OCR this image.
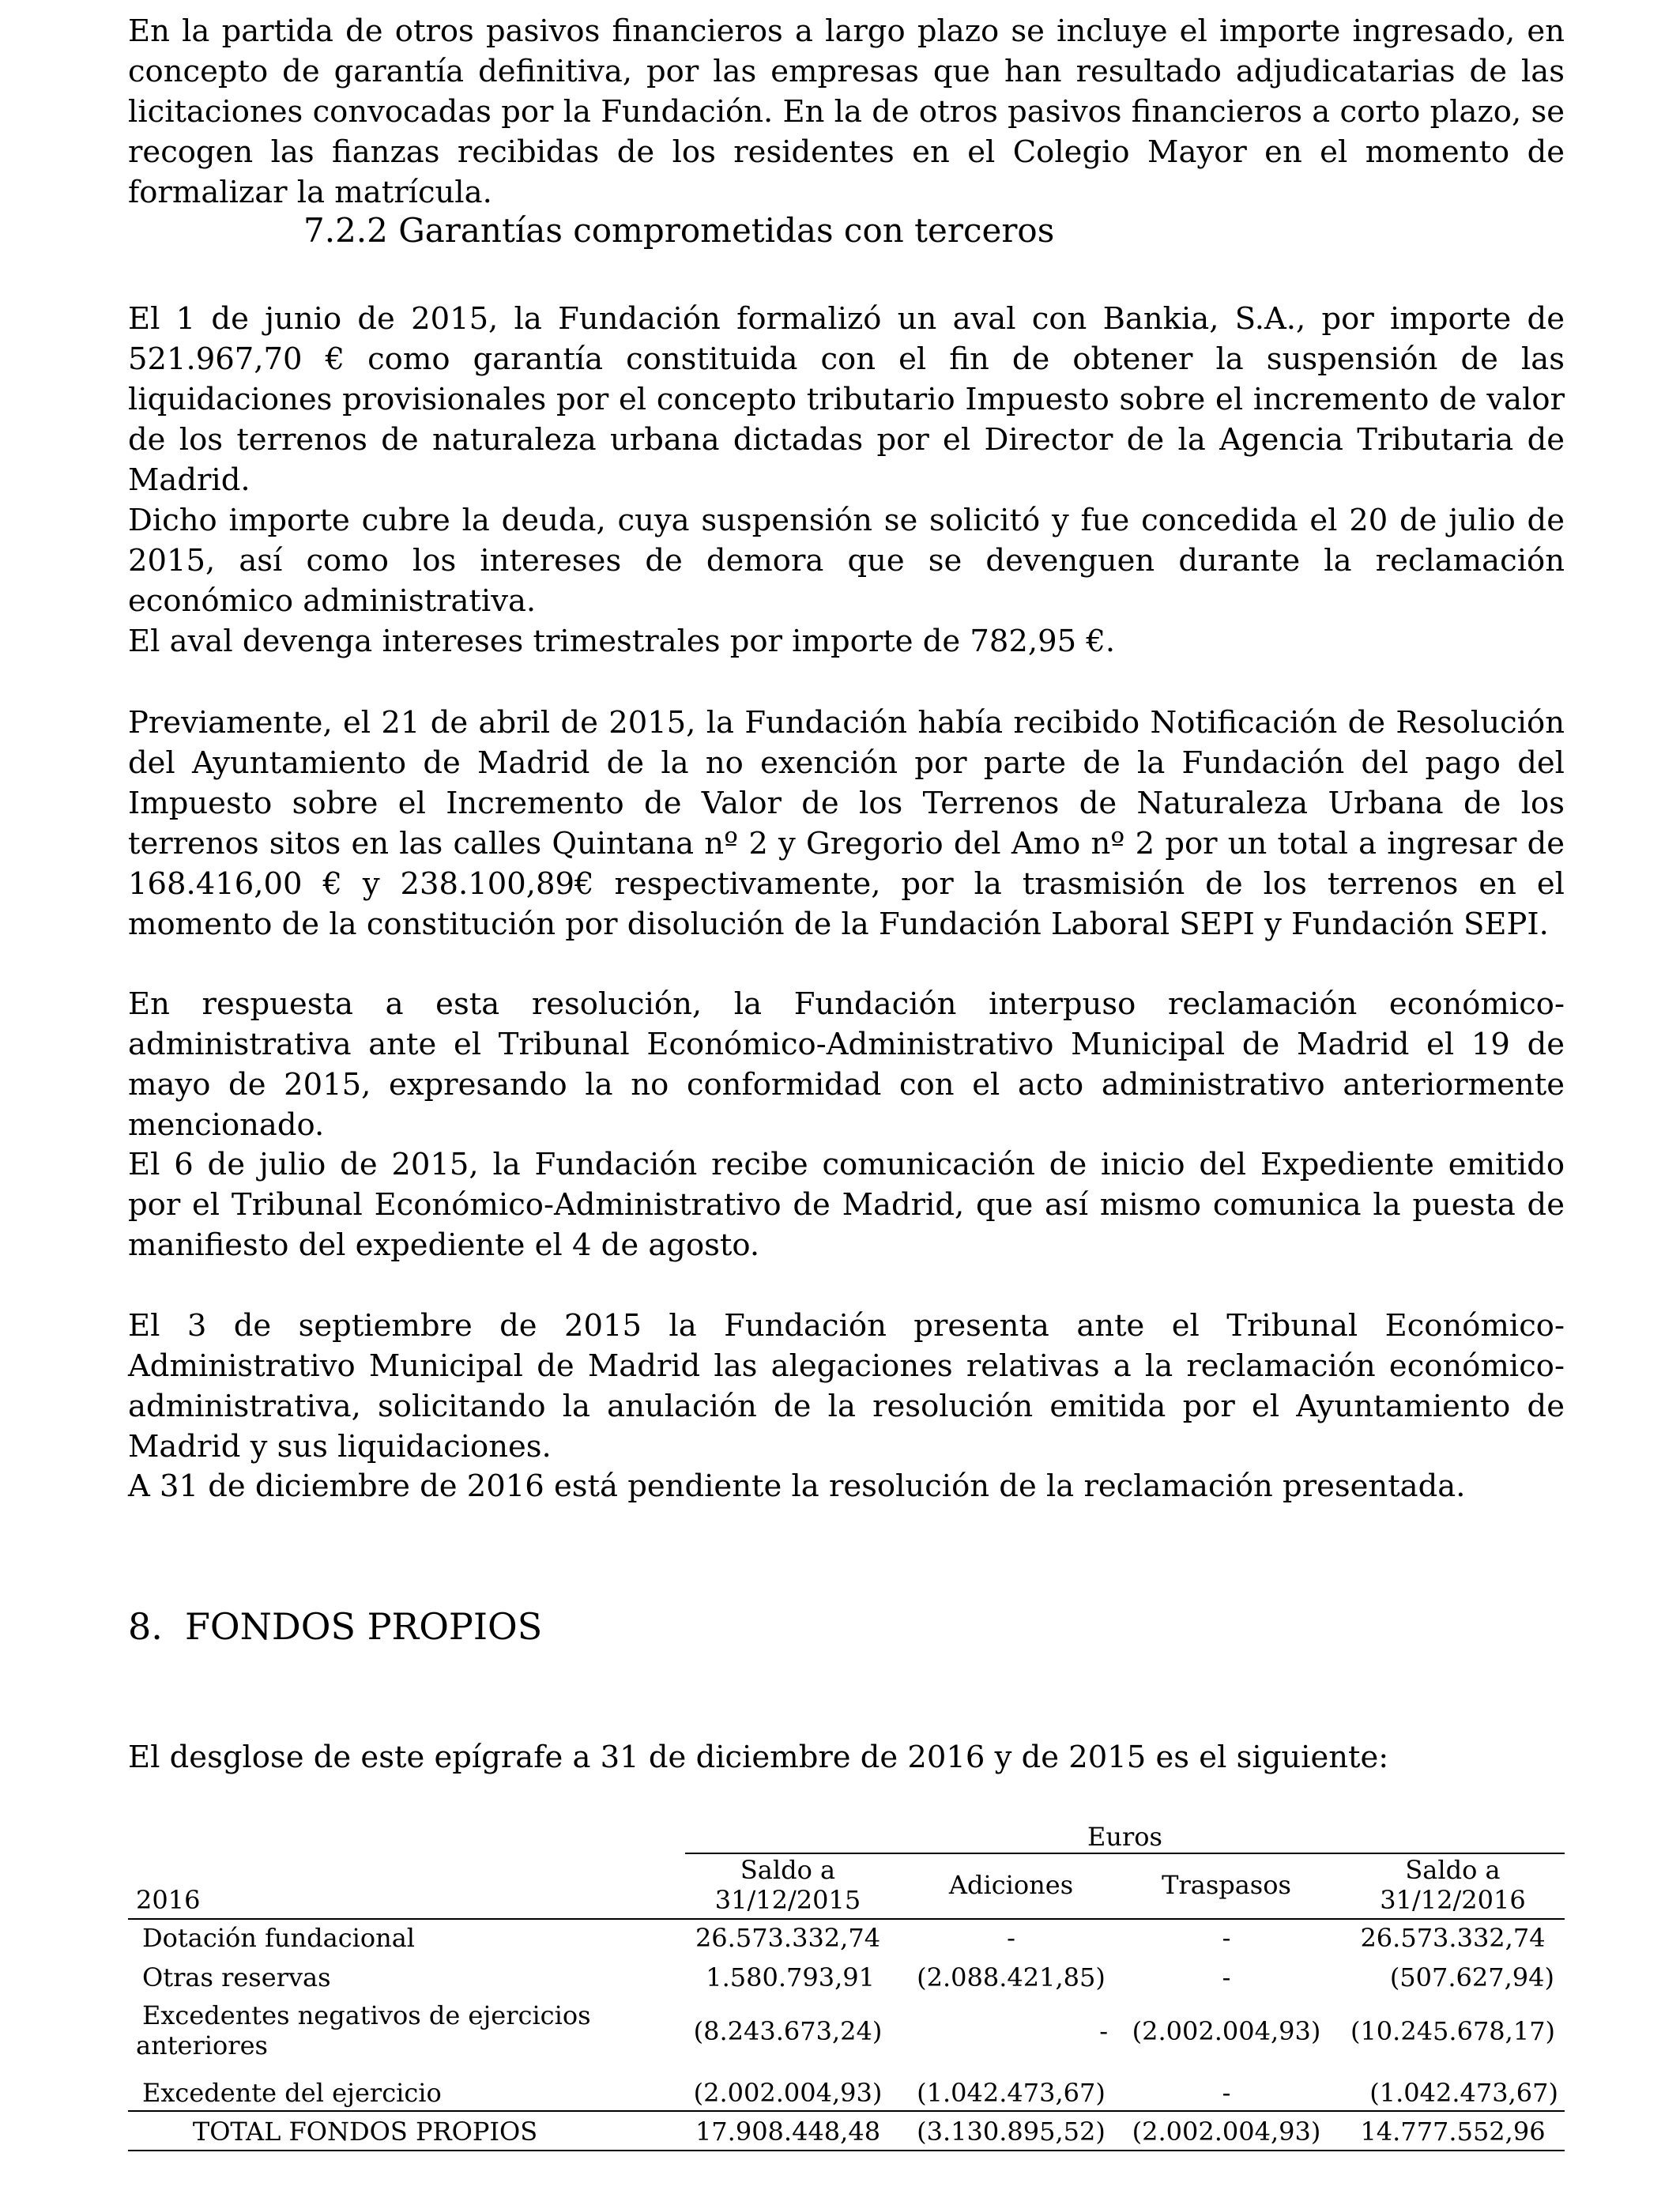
En la partida de otros pasivos financieros a largo plazo se incluye el importe ingresado, en concepto de garantía definitiva, por las empresas que han resultado adjudicatarias de las licitaciones convocadas por la Fundación. En la de otros pasivos financieros a corto plazo, se recogen las fianzas recibidas de los residentes en el Colegio Mayor en el momento de formalizar la matrícula.

7.2.2 Garantías comprometidas con terceros

El 1 de junio de 2015, la Fundación formalizó un aval con Bankia, S.A., por importe de 521.967,70 € como garantía constituida con el fin de obtener la suspensión de las liquidaciones provisionales por el concepto tributario Impuesto sobre el incremento de valor de los terrenos de naturaleza urbana dictadas por el Director de la Agencia Tributaria de Madrid.

Dicho importe cubre la deuda, cuya suspensión se solicitó y fue concedida el 20 de julio de 2015, así como los intereses de demora que se devenguen durante la reclamación económico administrativa.

El aval devenga intereses trimestrales por importe de 782,95 €.

Previamente, el 21 de abril de 2015, la Fundación había recibido Notificación de Resolución del Ayuntamiento de Madrid de la no exención por parte de la Fundación del pago del Impuesto sobre el Incremento de Valor de los Terrenos de Naturaleza Urbana de los terrenos sitos en las calles Quintana nº 2 y Gregorio del Amo nº 2 por un total a ingresar de 168.416,00 € y 238.100,89€ respectivamente, por la trasmisión de los terrenos en el momento de la constitución por disolución de la Fundación Laboral SEPI y Fundación SEPI.

En respuesta a esta resolución, la Fundación interpuso reclamación económico-administrativa ante el Tribunal Económico-Administrativo Municipal de Madrid el 19 de mayo de 2015, expresando la no conformidad con el acto administrativo anteriormente mencionado.

El 6 de julio de 2015, la Fundación recibe comunicación de inicio del Expediente emitido por el Tribunal Económico-Administrativo de Madrid, que así mismo comunica la puesta de manifiesto del expediente el 4 de agosto.

El 3 de septiembre de 2015 la Fundación presenta ante el Tribunal Económico-Administrativo Municipal de Madrid las alegaciones relativas a la reclamación económico-administrativa, solicitando la anulación de la resolución emitida por el Ayuntamiento de Madrid y sus liquidaciones.

A 31 de diciembre de 2016 está pendiente la resolución de la reclamación presentada.

8. FONDOS PROPIOS

El desglose de este epígrafe a 31 de diciembre de 2016 y de 2015 es el siguiente:

Euros
Saldo a
31/12/2015	Adiciones	Traspasos	Saldo a
31/12/2016
2016
Dotación fundacional	26.573.332,74	-	-	26.573.332,74
Otras reservas	1.580.793,91	(2.088.421,85)	-	(507.627,94)
Excedentes negativos de ejercicios
anteriores	(8.243.673,24)	- (2.002.004,93)	(10.245.678,17)
Excedente del ejercicio	(2.002.004,93)	(1.042.473,67)	-	(1.042.473,67)
TOTAL FONDOS PROPIOS	17.908.448,48	(3.130.895,52)	(2.002.004,93)	14.777.552,96
